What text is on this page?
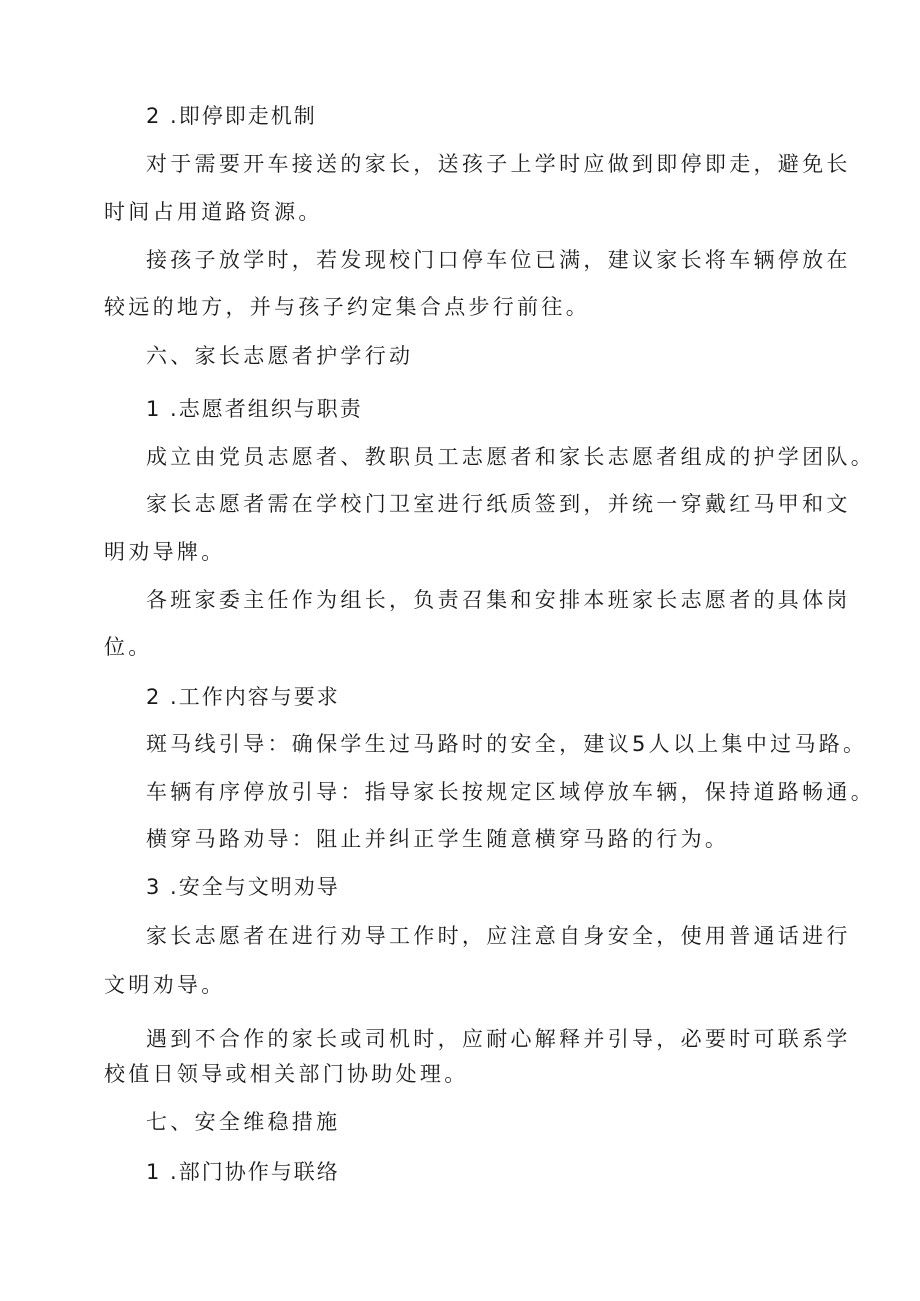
2 .即停即走机制

对于需要开车接送的家长，送孩子上学时应做到即停即走，避免长

时间占用道路资源。

接孩子放学时，若发现校门口停车位已满，建议家长将车辆停放在

较远的地方，并与孩子约定集合点步行前往。

六、家长志愿者护学行动

1 .志愿者组织与职责

成立由党员志愿者、教职员工志愿者和家长志愿者组成的护学团队。

家长志愿者需在学校门卫室进行纸质签到，并统一穿戴红马甲和文

明劝导牌。

各班家委主任作为组长，负责召集和安排本班家长志愿者的具体岗

位。

2 .工作内容与要求

斑马线引导：确保学生过马路时的安全，建议5人以上集中过马路。

车辆有序停放引导：指导家长按规定区域停放车辆，保持道路畅通。

横穿马路劝导：阻止并纠正学生随意横穿马路的行为。

3 .安全与文明劝导

家长志愿者在进行劝导工作时，应注意自身安全，使用普通话进行

文明劝导。

遇到不合作的家长或司机时，应耐心解释并引导，必要时可联系学

校值日领导或相关部门协助处理。

七、安全维稳措施

1 .部门协作与联络
